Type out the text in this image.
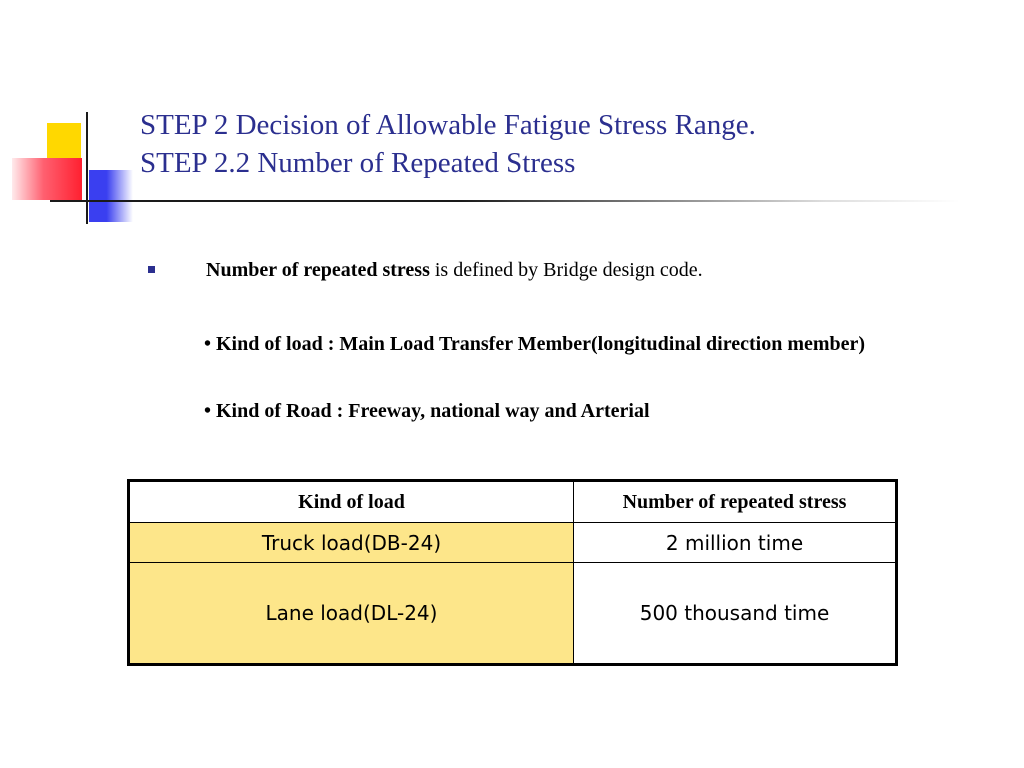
STEP 2 Decision of Allowable Fatigue Stress Range.
STEP 2.2 Number of Repeated Stress
Number of repeated stress is defined by Bridge design code.
• Kind of load : Main Load Transfer Member(longitudinal direction member)
• Kind of Road : Freeway, national way and Arterial
Kind of load	Number of repeated stress
Truck load(DB-24)	2 million time
Lane load(DL-24)	500 thousand time
